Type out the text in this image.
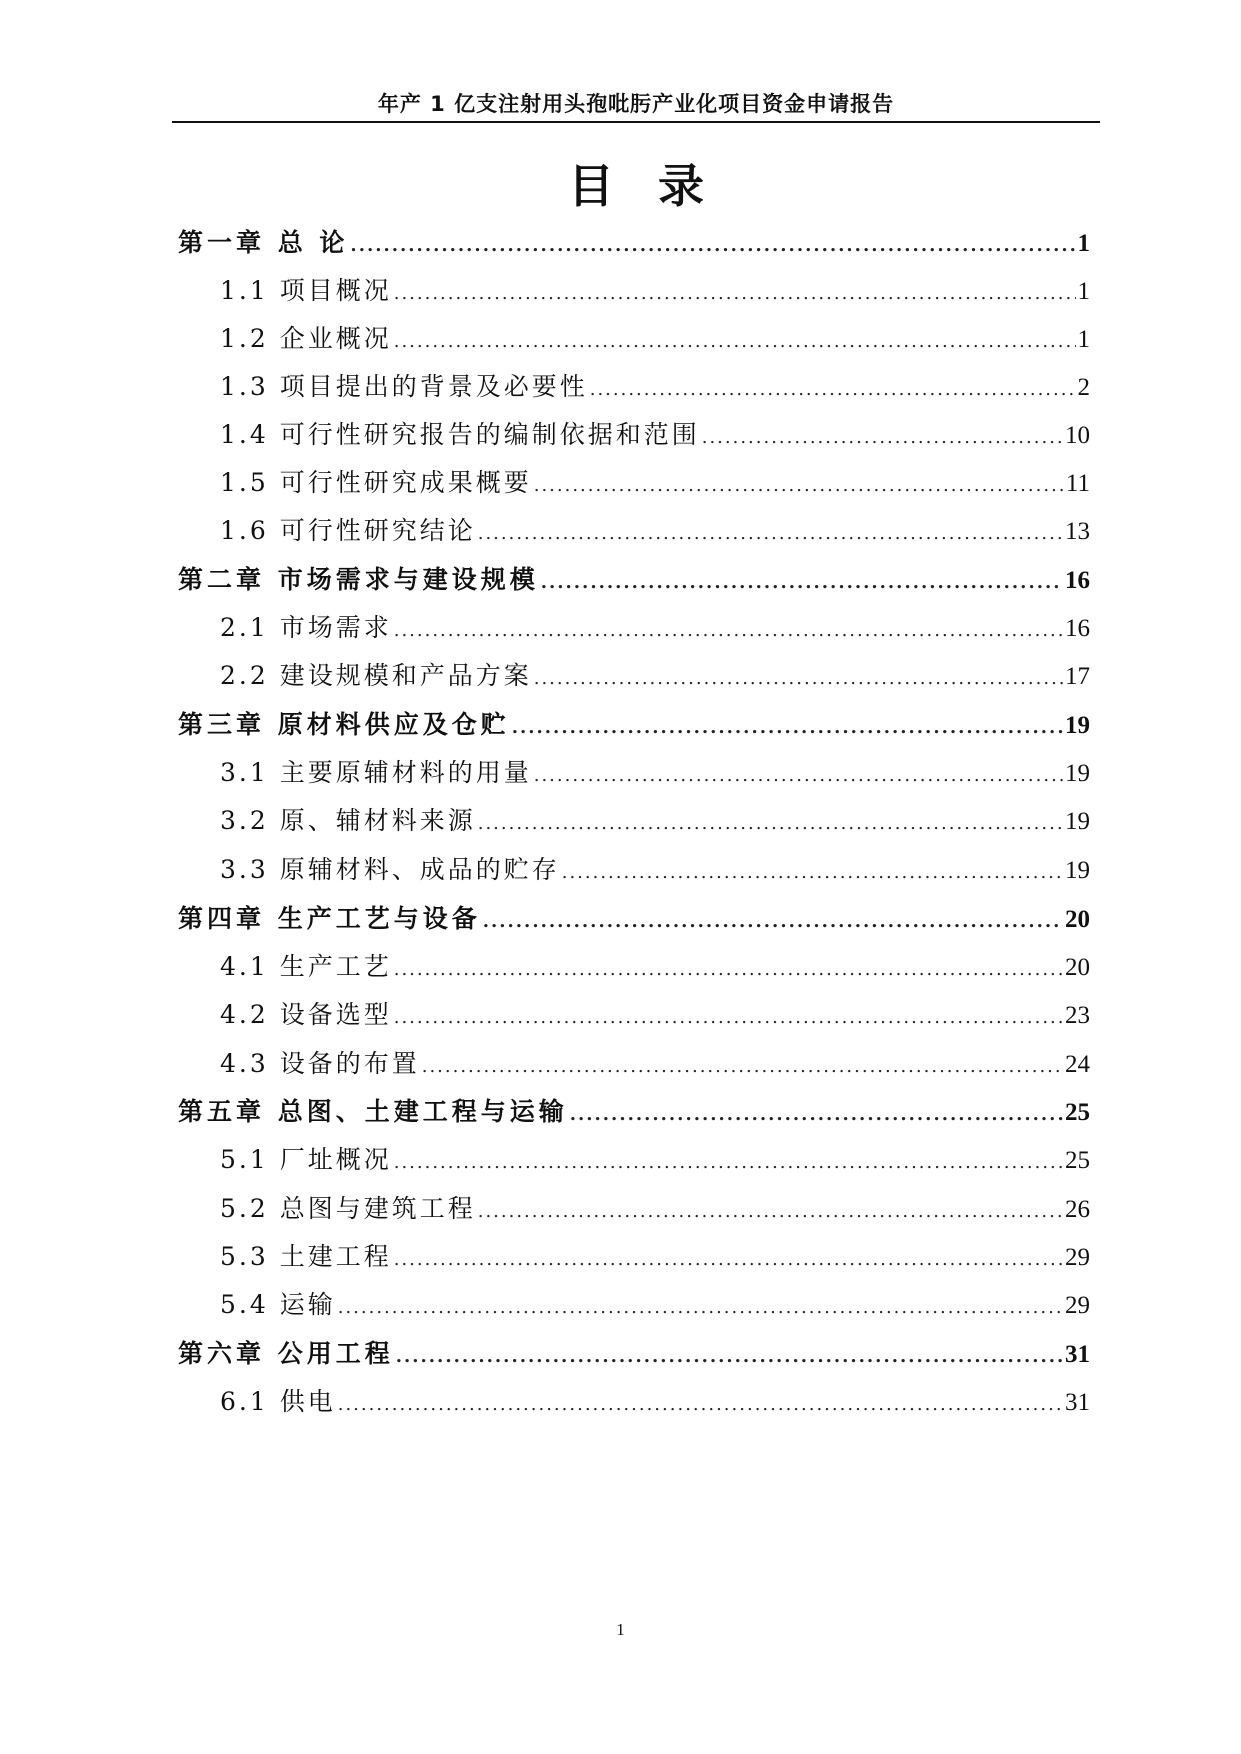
年产 1 亿支注射用头孢吡肟产业化项目资金申请报告
目录
第一章 总 论 .....	1
1.1 项目概况 .....	1
1.2 企业概况 .....	1
1.3 项目提出的背景及必要性 .....	2
1.4 可行性研究报告的编制依据和范围 .....	10
1.5 可行性研究成果概要 .....	11
1.6 可行性研究结论 .....	13
第二章 市场需求与建设规模 .....	16
2.1 市场需求 .....	16
2.2 建设规模和产品方案 .....	17
第三章 原材料供应及仓贮 .....	19
3.1 主要原辅材料的用量 .....	19
3.2 原、辅材料来源 .....	19
3.3 原辅材料、成品的贮存 .....	19
第四章 生产工艺与设备 .....	20
4.1 生产工艺 .....	20
4.2 设备选型 .....	23
4.3 设备的布置 .....	24
第五章 总图、土建工程与运输 .....	25
5.1 厂址概况 .....	25
5.2 总图与建筑工程 .....	26
5.3 土建工程 .....	29
5.4 运输 .....	29
第六章 公用工程 .....	31
6.1 供电 .....	31
1
